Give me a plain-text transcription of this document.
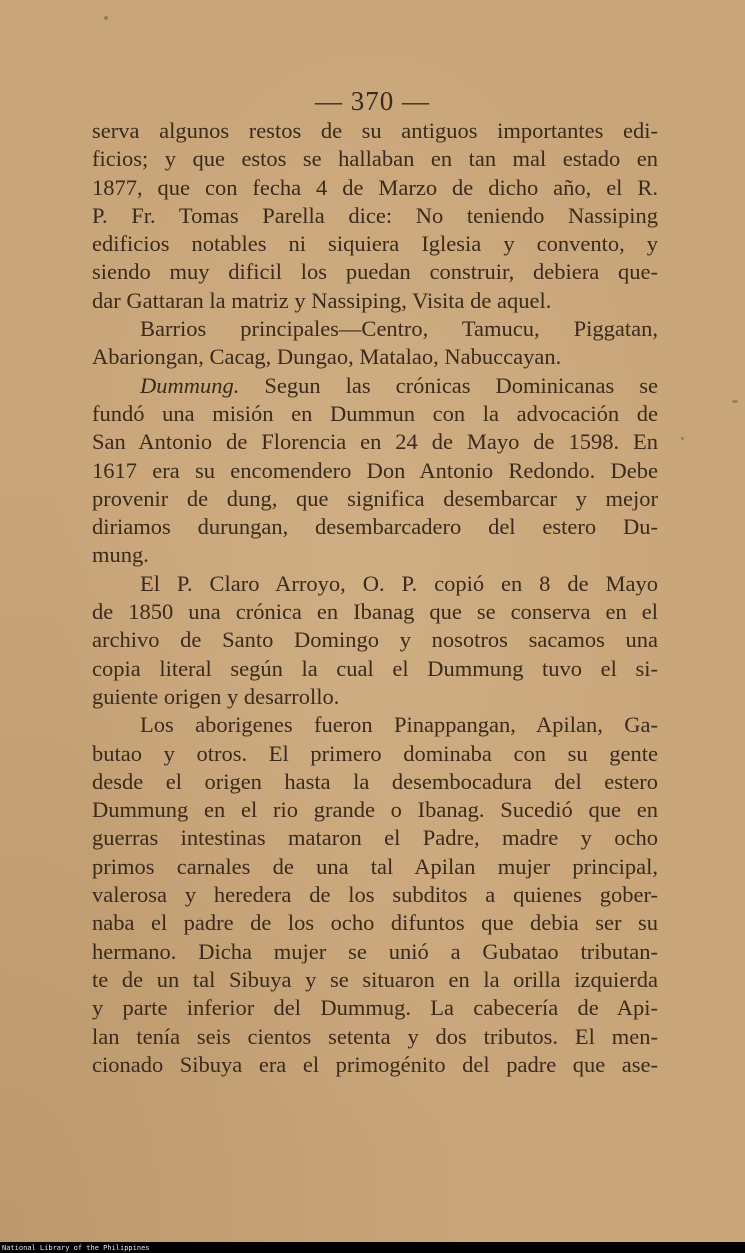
— 370 —
serva algunos restos de su antiguos importantes edi-
ficios; y que estos se hallaban en tan mal estado en
1877, que con fecha 4 de Marzo de dicho año, el R.
P. Fr. Tomas Parella dice: No teniendo Nassiping
edificios notables ni siquiera Iglesia y convento, y
siendo muy dificil los puedan construir, debiera que-
dar Gattaran la matriz y Nassiping, Visita de aquel.
Barrios principales—Centro, Tamucu, Piggatan,
Abariongan, Cacag, Dungao, Matalao, Nabuccayan.
Dummung. Segun las crónicas Dominicanas se
fundó una misión en Dummun con la advocación de
San Antonio de Florencia en 24 de Mayo de 1598. En
1617 era su encomendero Don Antonio Redondo. Debe
provenir de dung, que significa desembarcar y mejor
diriamos durungan, desembarcadero del estero Du-
mung.
El P. Claro Arroyo, O. P. copió en 8 de Mayo
de 1850 una crónica en Ibanag que se conserva en el
archivo de Santo Domingo y nosotros sacamos una
copia literal según la cual el Dummung tuvo el si-
guiente origen y desarrollo.
Los aborigenes fueron Pinappangan, Apilan, Ga-
butao y otros. El primero dominaba con su gente
desde el origen hasta la desembocadura del estero
Dummung en el rio grande o Ibanag. Sucedió que en
guerras intestinas mataron el Padre, madre y ocho
primos carnales de una tal Apilan mujer principal,
valerosa y heredera de los subditos a quienes gober-
naba el padre de los ocho difuntos que debia ser su
hermano. Dicha mujer se unió a Gubatao tributan-
te de un tal Sibuya y se situaron en la orilla izquierda
y parte inferior del Dummug. La cabecería de Api-
lan tenía seis cientos setenta y dos tributos. El men-
cionado Sibuya era el primogénito del padre que ase-
National Library of the Philippines
